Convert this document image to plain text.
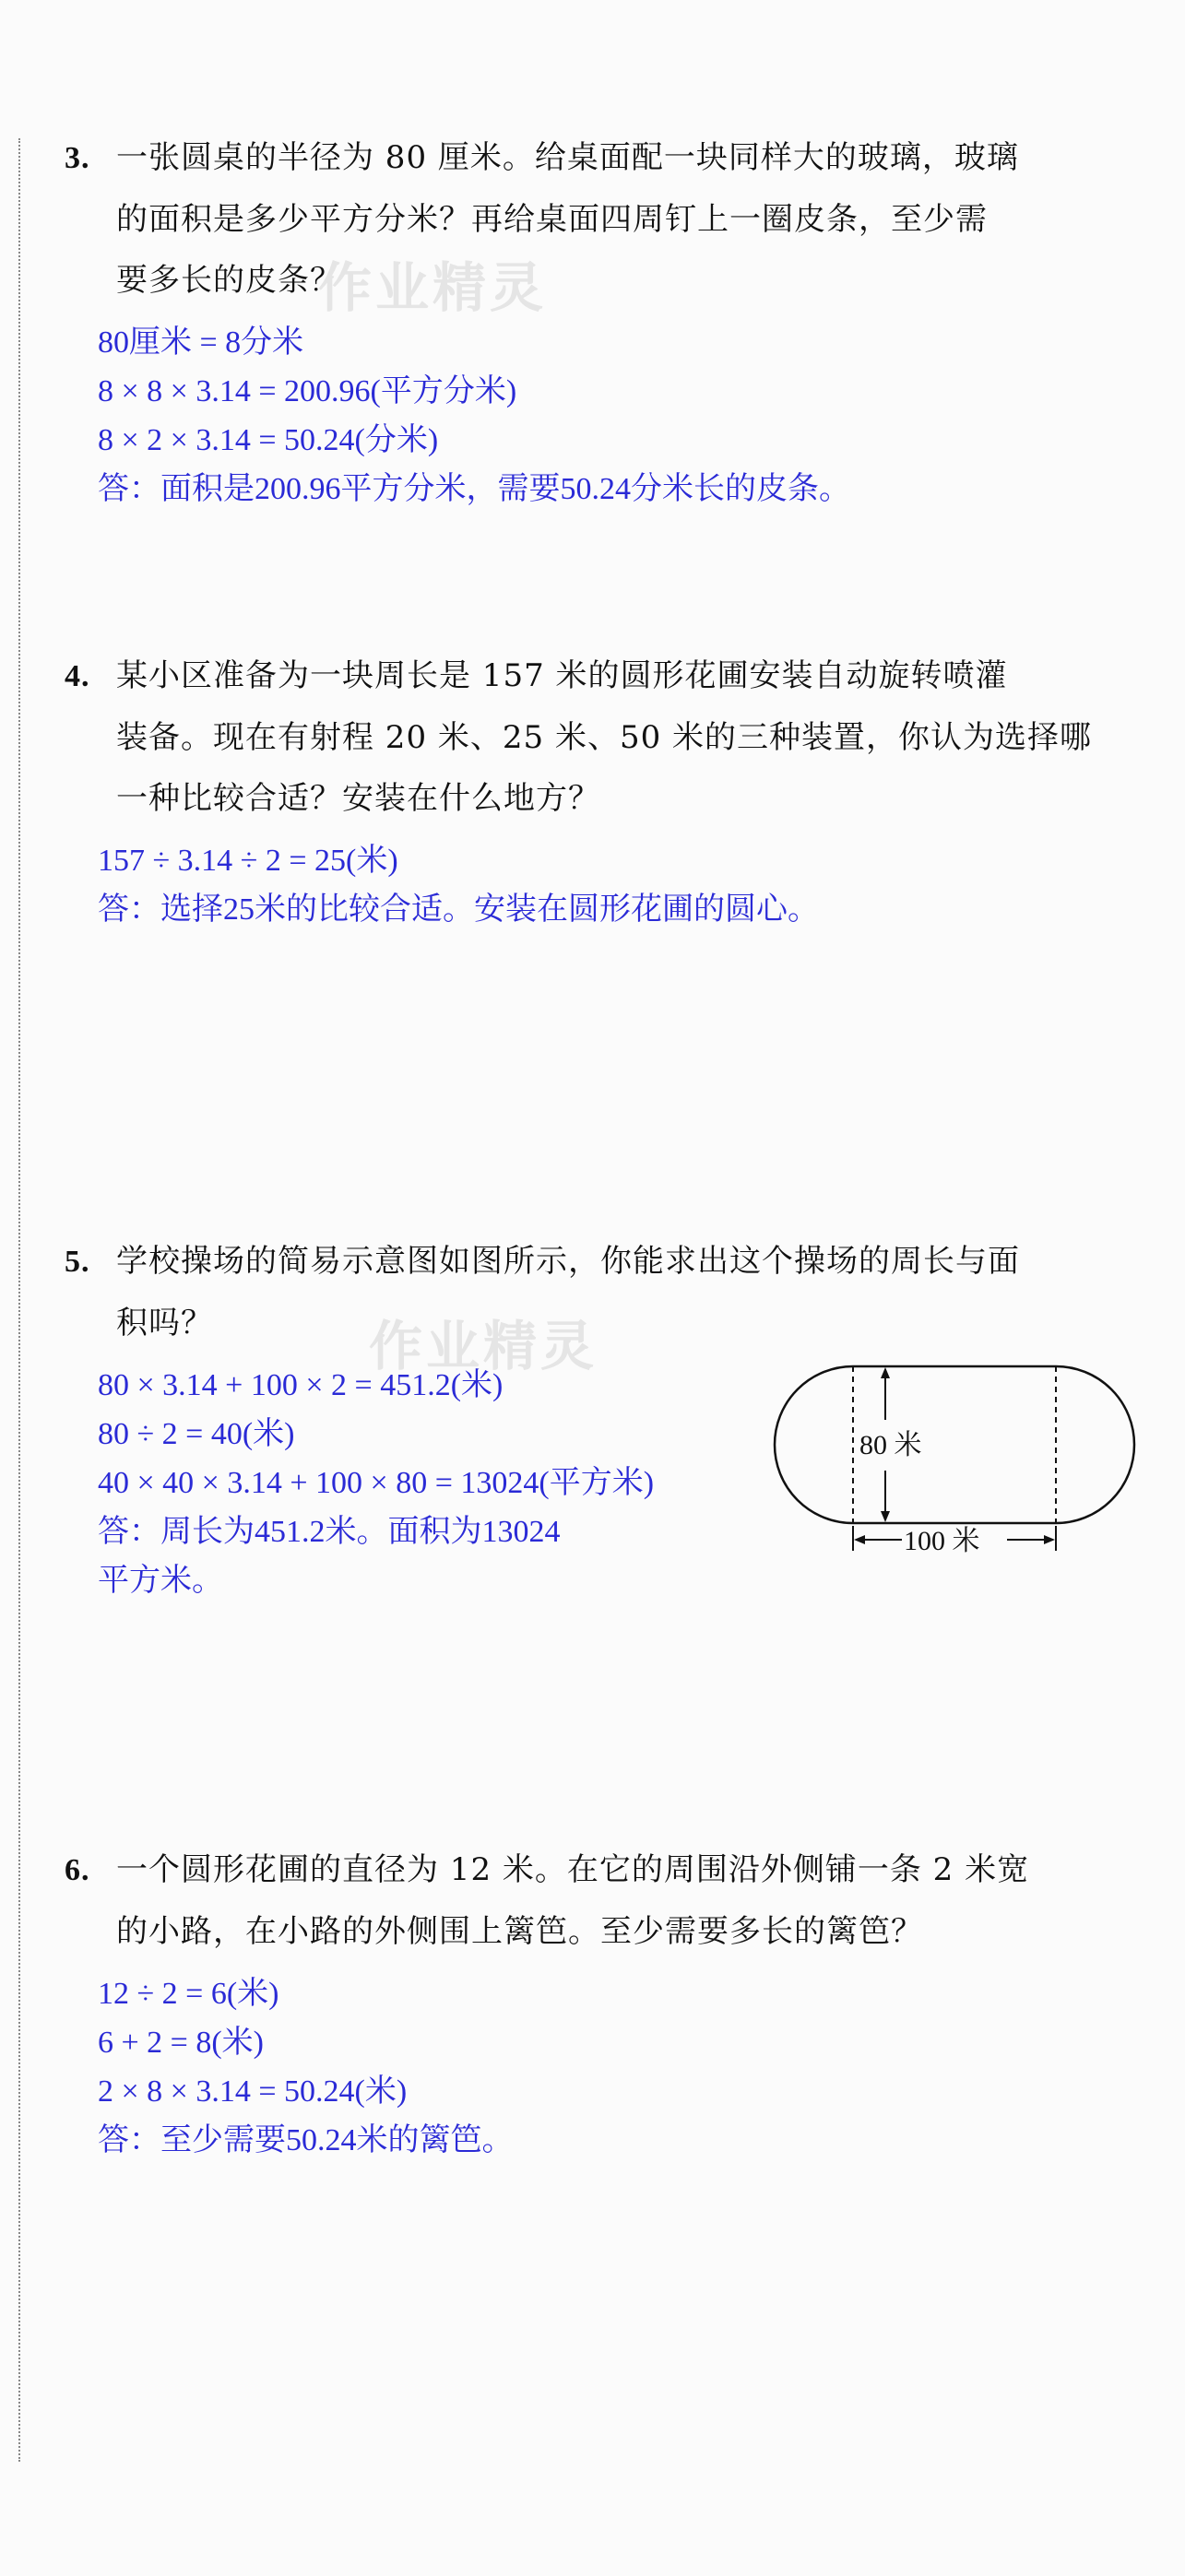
作业精灵
作业精灵
3. 一张圆桌的半径为 80 厘米。给桌面配一块同样大的玻璃，玻璃
的面积是多少平方分米？再给桌面四周钉上一圈皮条，至少需
要多长的皮条？
80厘米 = 8分米
8 × 8 × 3.14 = 200.96(平方分米)
8 × 2 × 3.14 = 50.24(分米)
答：面积是200.96平方分米，需要50.24分米长的皮条。
4. 某小区准备为一块周长是 157 米的圆形花圃安装自动旋转喷灌
装备。现在有射程 20 米、25 米、50 米的三种装置，你认为选择哪
一种比较合适？安装在什么地方？
157 ÷ 3.14 ÷ 2 = 25(米)
答：选择25米的比较合适。安装在圆形花圃的圆心。
5. 学校操场的简易示意图如图所示，你能求出这个操场的周长与面
积吗？
80 × 3.14 + 100 × 2 = 451.2(米)
80 ÷ 2 = 40(米)
40 × 40 × 3.14 + 100 × 80 = 13024(平方米)
答：周长为451.2米。面积为13024
平方米。
80 米
100 米
6. 一个圆形花圃的直径为 12 米。在它的周围沿外侧铺一条 2 米宽
的小路，在小路的外侧围上篱笆。至少需要多长的篱笆？
12 ÷ 2 = 6(米)
6 + 2 = 8(米)
2 × 8 × 3.14 = 50.24(米)
答：至少需要50.24米的篱笆。
